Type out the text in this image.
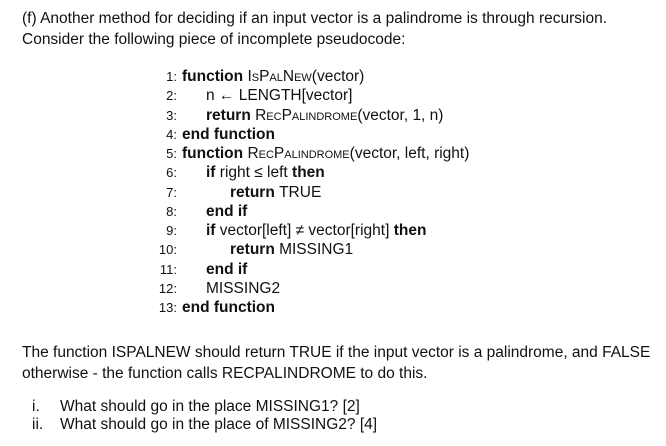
(f) Another method for deciding if an input vector is a palindrome is through recursion. Consider the following piece of incomplete pseudocode:
1: function IsPalNew(vector)
2: n ← LENGTH[vector]
3: return RecPalindrome(vector, 1, n)
4: end function
5: function RecPalindrome(vector, left, right)
6: if right ≤ left then
7:	return TRUE
8: end if
9: if vector[left] ≠ vector[right] then
10:	return MISSING1
11: end if
12: MISSING2
13: end function
The function ISPALNEW should return TRUE if the input vector is a palindrome, and FALSE otherwise - the function calls RECPALINDROME to do this.
i.	What should go in the place MISSING1? [2]
ii.	What should go in the place of MISSING2? [4]
